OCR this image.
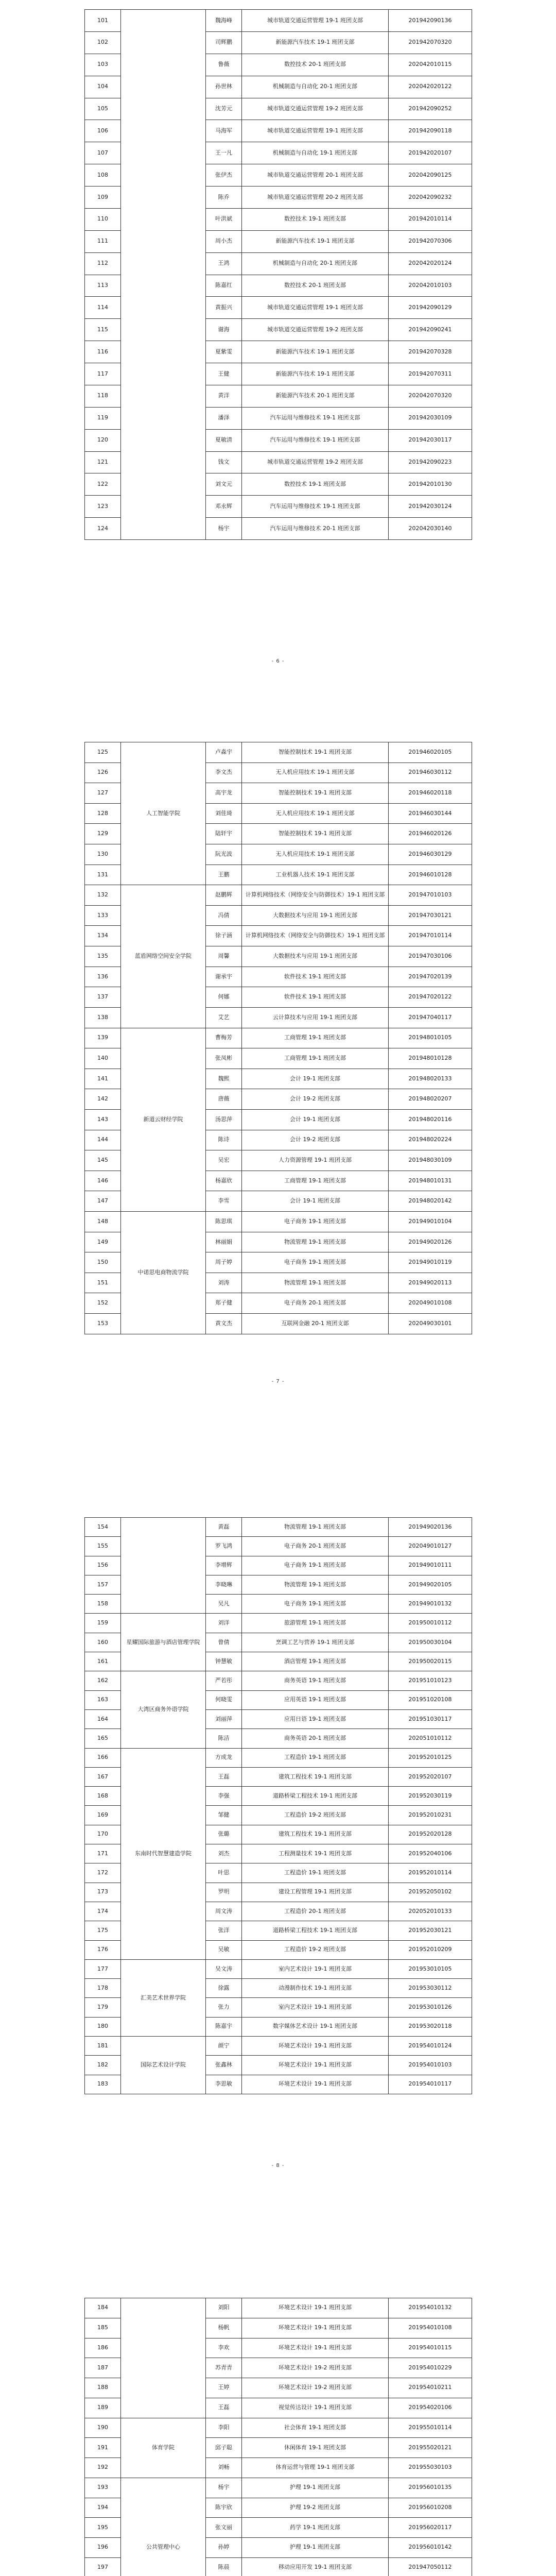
101		魏海峰	城市轨道交通运营管理 19-1 班团支部	201942090136
102		司辉鹏	新能源汽车技术 19-1 班团支部	201942070320
103		鲁薇	数控技术 20-1 班团支部	202042010115
104		孙世林	机械制造与自动化 20-1 班团支部	202042020122
105		沈芳元	城市轨道交通运营管理 19-2 班团支部	201942090252
106		马海军	城市轨道交通运营管理 19-1 班团支部	201942090118
107		王一凡	机械制造与自动化 19-1 班团支部	201942020107
108		张伊杰	城市轨道交通运营管理 20-1 班团支部	202042090125
109		陈乔	城市轨道交通运营管理 20-2 班团支部	202042090232
110		叶洪斌	数控技术 19-1 班团支部	201942010114
111		周小杰	新能源汽车技术 19-1 班团支部	201942070306
112		王鸿	机械制造与自动化 20-1 班团支部	202042020124
113		陈嘉红	数控技术 20-1 班团支部	202042010103
114		黄振兴	城市轨道交通运营管理 19-1 班团支部	201942090129
115		谢海	城市轨道交通运营管理 19-2 班团支部	201942090241
116		夏紫雯	新能源汽车技术 19-1 班团支部	201942070328
117		王健	新能源汽车技术 19-1 班团支部	201942070311
118		黄洋	新能源汽车技术 20-1 班团支部	202042070320
119		潘泽	汽车运用与维修技术 19-1 班团支部	201942030109
120		夏敏清	汽车运用与维修技术 19-1 班团支部	201942030117
121		钱文	城市轨道交通运营管理 19-2 班团支部	201942090223
122		刘文元	数控技术 19-1 班团支部	201942010130
123		邓永辉	汽车运用与维修技术 19-1 班团支部	201942030124
124		杨宇	汽车运用与维修技术 20-1 班团支部	202042030140
- 6 -
125	人工智能学院	卢淼宇	智能控制技术 19-1 班团支部	201946020105
126		李文杰	无人机应用技术 19-1 班团支部	201946030112
127		高宇龙	智能控制技术 19-1 班团支部	201946020118
128		刘佳琦	无人机应用技术 19-1 班团支部	201946030144
129		陆轩宇	智能控制技术 19-1 班团支部	201946020126
130		阮光波	无人机应用技术 19-1 班团支部	201946030129
131		王鹏	工业机器人技术 19-1 班团支部	201946010128
132	蓝盾网络空间安全学院	赵鹏辉	计算机网络技术（网络安全与防御技术）19-1 班团支部	201947010103
133		冯倩	大数据技术与应用 19-1 班团支部	201947030121
134		徐子涵	计算机网络技术（网络安全与防御技术）19-1 班团支部	201947010114
135		周馨	大数据技术与应用 19-1 班团支部	201947030106
136		谢承宇	软件技术 19-1 班团支部	201947020139
137		何娜	软件技术 19-1 班团支部	201947020122
138		艾艺	云计算技术与应用 19-1 班团支部	201947040117
139	新道云财经学院	曹梅芳	工商管理 19-1 班团支部	201948010105
140		张凤彬	工商管理 19-1 班团支部	201948010128
141		魏熙	会计 19-1 班团支部	201948020133
142		唐薇	会计 19-2 班团支部	201948020207
143		汤思萍	会计 19-1 班团支部	201948020116
144		陈诗	会计 19-2 班团支部	201948020224
145		吴宏	人力资源管理 19-1 班团支部	201948030109
146		杨嘉欣	工商管理 19-1 班团支部	201948010131
147		李雪	会计 19-1 班团支部	201948020142
148	中诺思电商物流学院	陈思琪	电子商务 19-1 班团支部	201949010104
149		林丽娟	物流管理 19-1 班团支部	201949020126
150		周子婷	电子商务 19-1 班团支部	201949010119
151		刘涛	物流管理 19-1 班团支部	201949020113
152		郑子健	电子商务 20-1 班团支部	202049010108
153		黄文杰	互联网金融 20-1 班团支部	202049030101
- 7 -
154		黄磊	物流管理 19-1 班团支部	201949020136
155		罗飞鸿	电子商务 20-1 班团支部	202049010127
156		李增辉	电子商务 19-1 班团支部	201949010111
157		李晓琳	物流管理 19-1 班团支部	201949020105
158		吴凡	电子商务 19-1 班团支部	201949010132
159	星耀国际旅游与酒店管理学院	刘洋	旅游管理 19-1 班团支部	201950010112
160		曾倩	烹调工艺与营养 19-1 班团支部	201950030104
161		钟慧敏	酒店管理 19-1 班团支部	201950020115
162	大湾区商务外语学院	严若彤	商务英语 19-1 班团支部	201951010123
163		何晓雯	应用英语 19-1 班团支部	201951020108
164		刘丽萍	应用日语 19-1 班团支部	201951030117
165		陈洁	商务英语 20-1 班团支部	202051010112
166	东南时代智慧建造学院	方成龙	工程造价 19-1 班团支部	201952010125
167		王磊	建筑工程技术 19-1 班团支部	201952020107
168		李强	道路桥梁工程技术 19-1 班团支部	201952030119
169		邹健	工程造价 19-2 班团支部	201952010231
170		张璐	建筑工程技术 19-1 班团支部	201952020128
171		刘杰	工程测量技术 19-1 班团支部	201952040106
172		叶思	工程造价 19-1 班团支部	201952010114
173		罗明	建设工程管理 19-1 班团支部	201952050102
174		周文涛	工程造价 20-1 班团支部	202052010133
175		张洋	道路桥梁工程技术 19-1 班团支部	201952030121
176		吴敏	工程造价 19-2 班团支部	201952010209
177	汇美艺术世界学院	吴文涛	室内艺术设计 19-1 班团支部	201953010105
178		徐露	动漫制作技术 19-1 班团支部	201953030112
179		张力	室内艺术设计 19-1 班团支部	201953010126
180		陈嘉宇	数字媒体艺术设计 19-1 班团支部	201953020118
181	国际艺术设计学院	颜宁	环境艺术设计 19-1 班团支部	201954010124
182		张鑫林	环境艺术设计 19-1 班团支部	201954010103
183		李思敏	环境艺术设计 19-1 班团支部	201954010117
- 8 -
184		刘阳	环境艺术设计 19-1 班团支部	201954010132
185		杨帆	环境艺术设计 19-1 班团支部	201954010108
186		李欢	环境艺术设计 19-1 班团支部	201954010115
187		苏青青	环境艺术设计 19-2 班团支部	201954010229
188		王婷	环境艺术设计 19-2 班团支部	201954010211
189		王磊	视觉传达设计 19-1 班团支部	201954020106
190	体育学院	李阳	社会体育 19-1 班团支部	201955010114
191		邱子聪	休闲体育 19-1 班团支部	201955020121
192		刘畅	体育运营与管理 19-1 班团支部	201955030103
193	公共管理中心	杨宇	护理 19-1 班团支部	201956010135
194		陈宇欣	护理 19-2 班团支部	201956010208
195		张文丽	药学 19-1 班团支部	201956020117
196		孙婷	护理 19-1 班团支部	201956010142
197		陈晨	移动应用开发 19-1 班团支部	201947050112
